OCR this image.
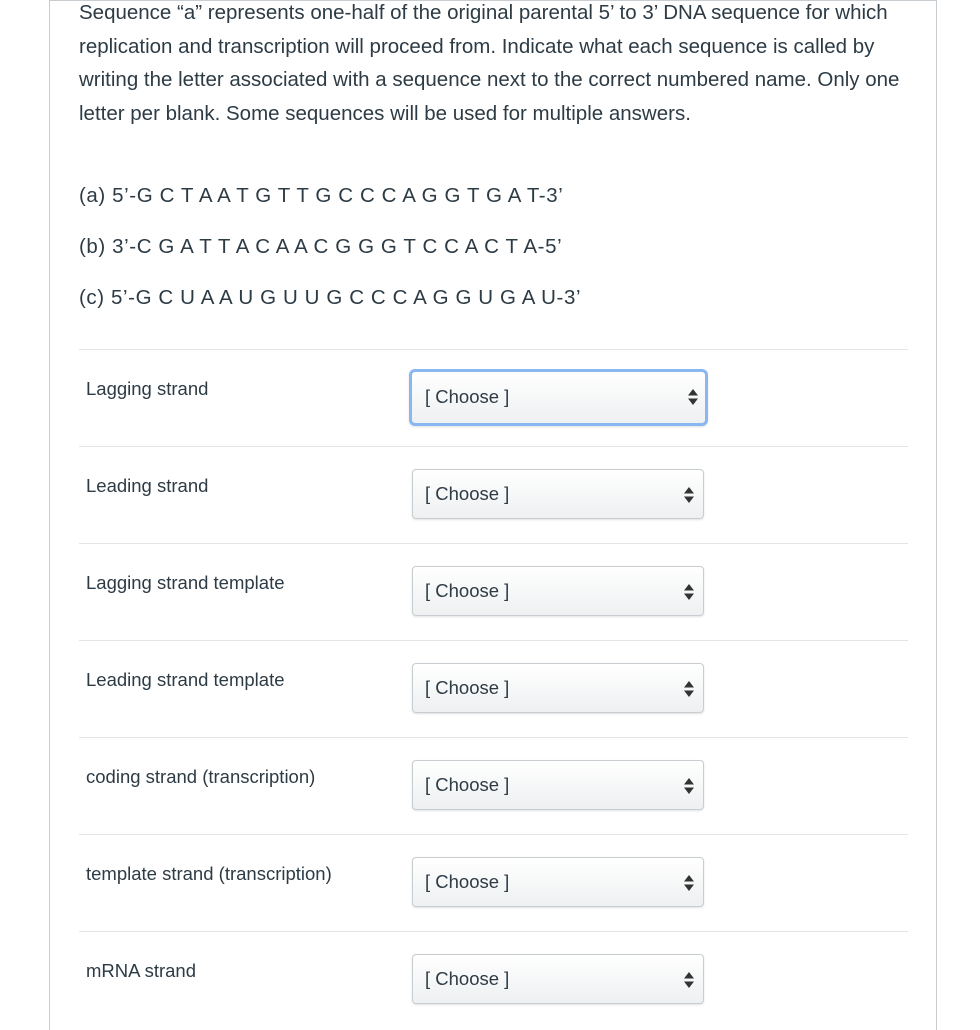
Sequence “a” represents one-half of the original parental 5’ to 3’ DNA sequence for which replication and transcription will proceed from. Indicate what each sequence is called by writing the letter associated with a sequence next to the correct numbered name. Only one letter per blank. Some sequences will be used for multiple answers.

(a) 5’-G C T A A T G T T G C C C A G G T G A T-3’

(b) 3’-C G A T T A C A A C G G G T C C A C T A-5’

(c) 5’-G C U A A U G U U G C C C A G G U G A U-3’

Lagging strand	[ Choose ]
Leading strand	[ Choose ]
Lagging strand template	[ Choose ]
Leading strand template	[ Choose ]
coding strand (transcription)	[ Choose ]
template strand (transcription)	[ Choose ]
mRNA strand	[ Choose ]
